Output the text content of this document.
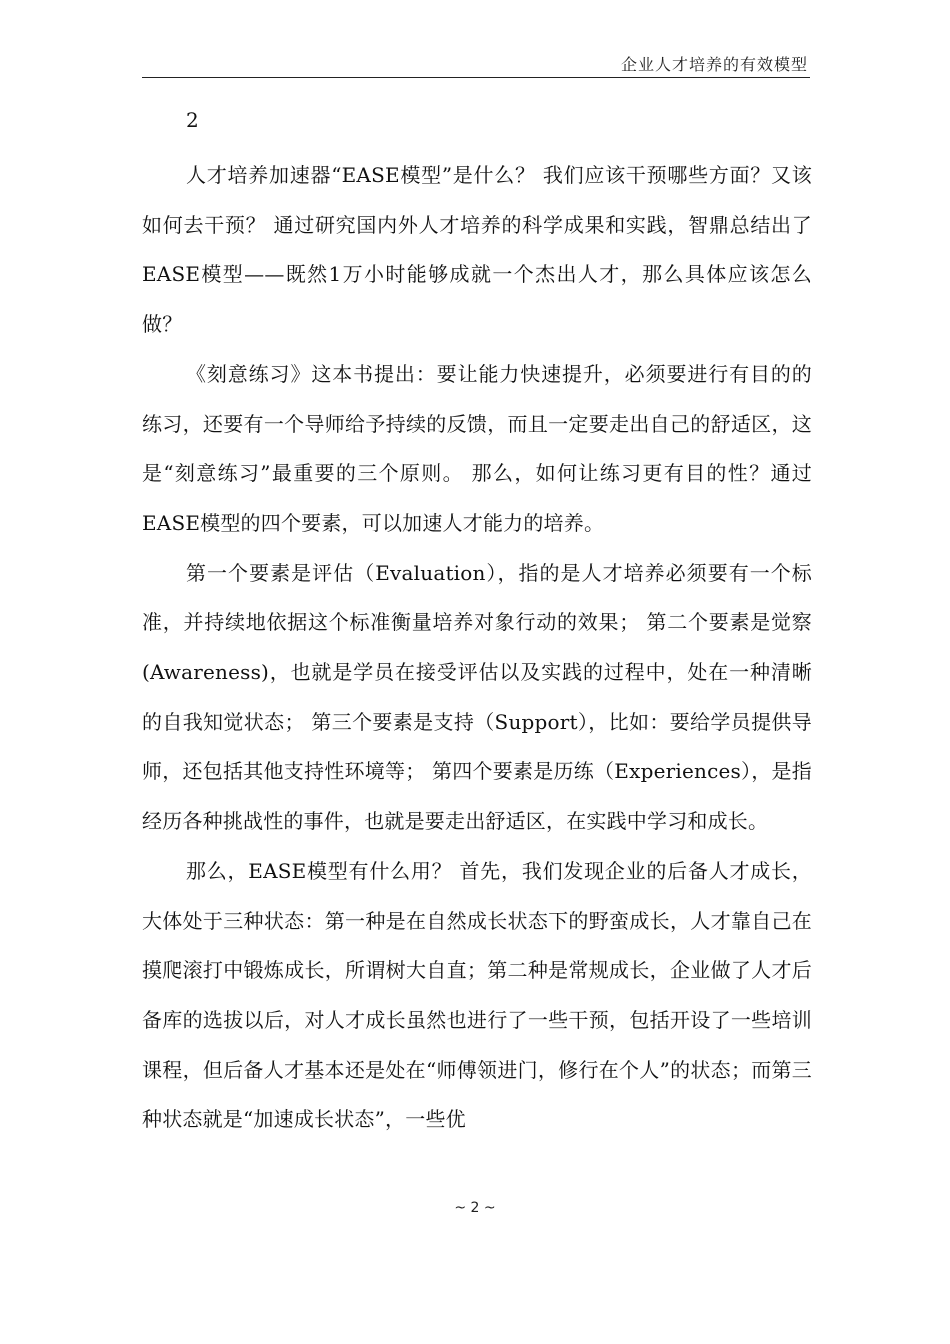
企业人才培养的有效模型
2

人才培养加速器“EASE模型”是什么？ 我们应该干预哪些方面？又该如何去干预？ 通过研究国内外人才培养的科学成果和实践，智鼎总结出了EASE模型——既然1万小时能够成就一个杰出人才，那么具体应该怎么做？

《刻意练习》这本书提出：要让能力快速提升，必须要进行有目的的练习，还要有一个导师给予持续的反馈，而且一定要走出自己的舒适区，这是“刻意练习”最重要的三个原则。 那么，如何让练习更有目的性？通过EASE模型的四个要素，可以加速人才能力的培养。

第一个要素是评估（Evaluation），指的是人才培养必须要有一个标准，并持续地依据这个标准衡量培养对象行动的效果； 第二个要素是觉察(Awareness)，也就是学员在接受评估以及实践的过程中，处在一种清晰的自我知觉状态； 第三个要素是支持（Support），比如：要给学员提供导师，还包括其他支持性环境等； 第四个要素是历练（Experiences），是指经历各种挑战性的事件，也就是要走出舒适区，在实践中学习和成长。

那么，EASE模型有什么用？ 首先，我们发现企业的后备人才成长，大体处于三种状态：第一种是在自然成长状态下的野蛮成长，人才靠自己在摸爬滚打中锻炼成长，所谓树大自直；第二种是常规成长，企业做了人才后备库的选拔以后，对人才成长虽然也进行了一些干预，包括开设了一些培训课程，但后备人才基本还是处在“师傅领进门，修行在个人”的状态；而第三种状态就是“加速成长状态”，一些优

~ 2 ~
